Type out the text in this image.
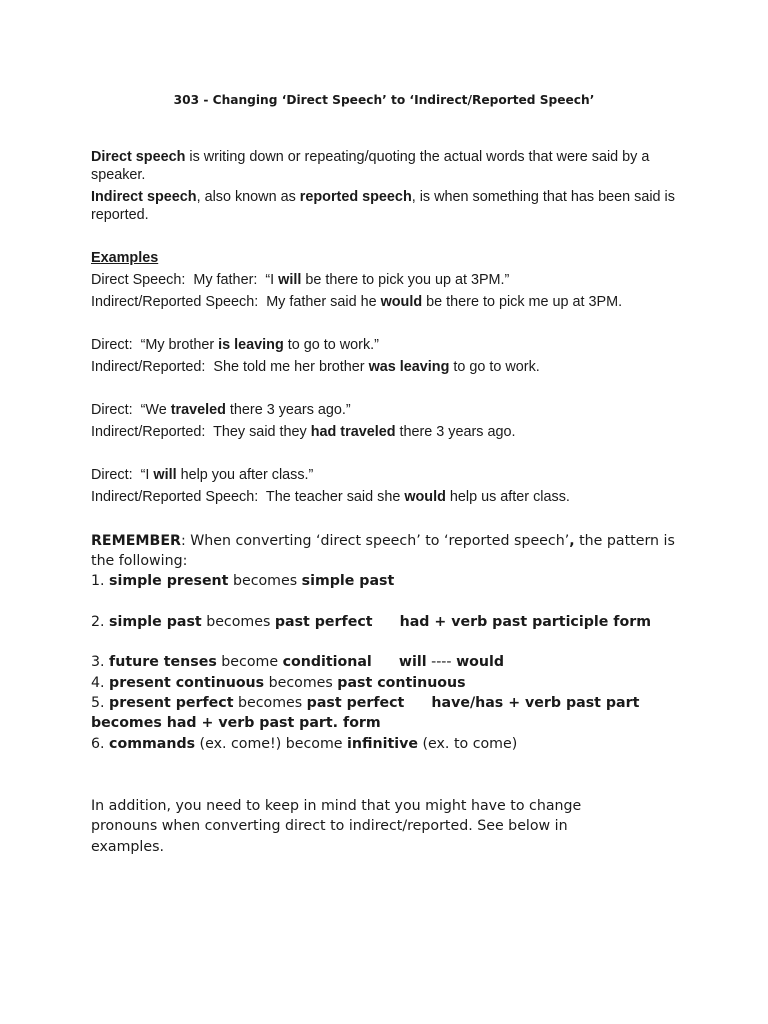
303 - Changing ‘Direct Speech’ to ‘Indirect/Reported Speech’
Direct speech is writing down or repeating/quoting the actual words that were said by a speaker.
Indirect speech, also known as reported speech, is when something that has been said is reported.
Examples
Direct Speech:  My father:  “I will be there to pick you up at 3PM.”
Indirect/Reported Speech:  My father said he would be there to pick me up at 3PM.
Direct:  “My brother is leaving to go to work.”
Indirect/Reported:  She told me her brother was leaving to go to work.
Direct:  “We traveled there 3 years ago.”
Indirect/Reported:  They said they had traveled there 3 years ago.
Direct:  “I will help you after class.”
Indirect/Reported Speech:  The teacher said she would help us after class.
REMEMBER: When converting ‘direct speech’ to ‘reported speech’, the pattern is the following:
1. simple present becomes simple past
2. simple past becomes past perfect had + verb past participle form
3. future tenses become conditional will ---- would
4. present continuous becomes past continuous
5. present perfect becomes past perfect have/has + verb past part becomes had + verb past part. form
6. commands (ex. come!) become infinitive (ex. to come)
In addition, you need to keep in mind that you might have to change pronouns when converting direct to indirect/reported. See below in examples.
